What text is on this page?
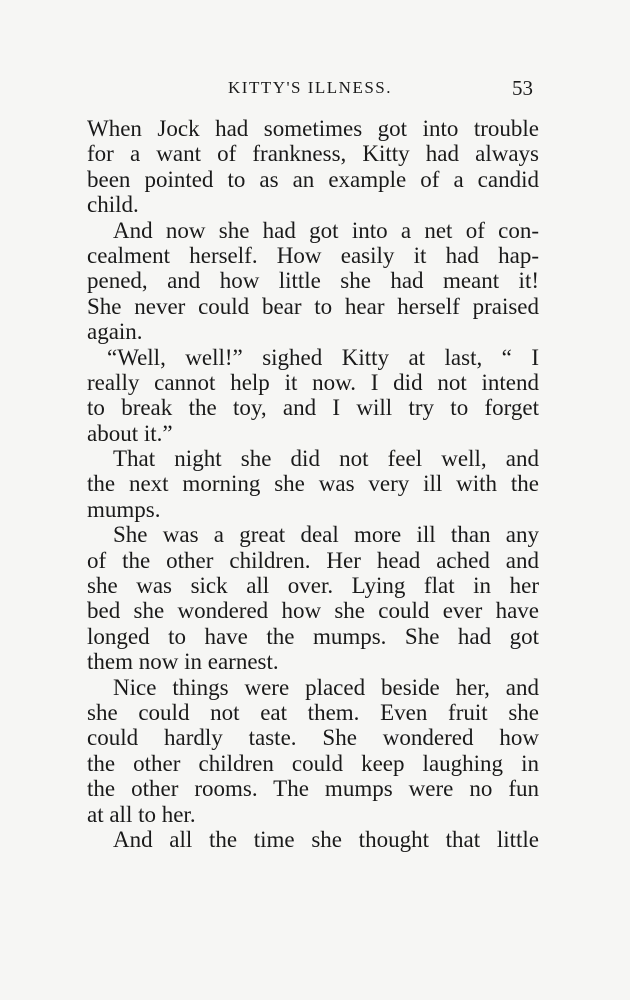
KITTY'S ILLNESS.	53
When Jock had sometimes got into trouble
for a want of frankness, Kitty had always
been pointed to as an example of a candid
child.
And now she had got into a net of con-
cealment herself. How easily it had hap-
pened, and how little she had meant it!
She never could bear to hear herself praised
again.
“Well, well!” sighed Kitty at last, “ I
really cannot help it now. I did not intend
to break the toy, and I will try to forget
about it.”
That night she did not feel well, and
the next morning she was very ill with the
mumps.
She was a great deal more ill than any
of the other children. Her head ached and
she was sick all over. Lying flat in her
bed she wondered how she could ever have
longed to have the mumps. She had got
them now in earnest.
Nice things were placed beside her, and
she could not eat them. Even fruit she
could hardly taste. She wondered how
the other children could keep laughing in
the other rooms. The mumps were no fun
at all to her.
And all the time she thought that little
